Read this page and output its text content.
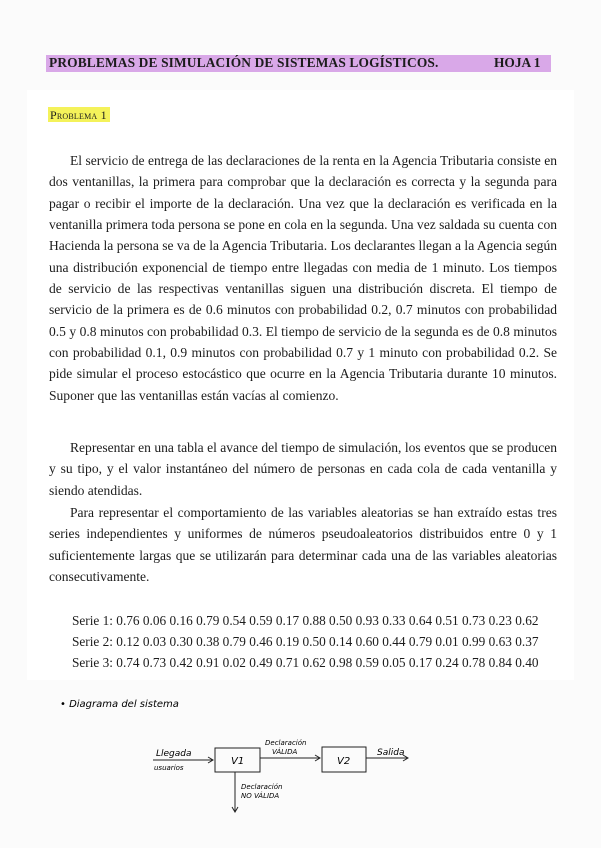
PROBLEMAS DE SIMULACIÓN DE SISTEMAS LOGÍSTICOS.	HOJA 1
Problema 1

El servicio de entrega de las declaraciones de la renta en la Agencia Tributaria consiste en dos ventanillas, la primera para comprobar que la declaración es correcta y la segunda para pagar o recibir el importe de la declaración. Una vez que la declaración es verificada en la ventanilla primera toda persona se pone en cola en la segunda. Una vez saldada su cuenta con Hacienda la persona se va de la Agencia Tributaria. Los declarantes llegan a la Agencia según una distribución exponencial de tiempo entre llegadas con media de 1 minuto. Los tiempos de servicio de las respectivas ventanillas siguen una distribución discreta. El tiempo de servicio de la primera es de 0.6 minutos con probabilidad 0.2, 0.7 minutos con probabilidad 0.5 y 0.8 minutos con probabilidad 0.3. El tiempo de servicio de la segunda es de 0.8 minutos con probabilidad 0.1, 0.9 minutos con probabilidad 0.7 y 1 minuto con probabilidad 0.2. Se pide simular el proceso estocástico que ocurre en la Agencia Tributaria durante 10 minutos. Suponer que las ventanillas están vacías al comienzo.

Representar en una tabla el avance del tiempo de simulación, los eventos que se producen y su tipo, y el valor instantáneo del número de personas en cada cola de cada ventanilla y siendo atendidas.

Para representar el comportamiento de las variables aleatorias se han extraído estas tres series independientes y uniformes de números pseudoaleatorios distribuidos entre 0 y 1 suficientemente largas que se utilizarán para determinar cada una de las variables aleatorias consecutivamente.

Serie 1: 0.76 0.06 0.16 0.79 0.54 0.59 0.17 0.88 0.50 0.93 0.33 0.64 0.51 0.73 0.23 0.62
Serie 2: 0.12 0.03 0.30 0.38 0.79 0.46 0.19 0.50 0.14 0.60 0.44 0.79 0.01 0.99 0.63 0.37
Serie 3: 0.74 0.73 0.42 0.91 0.02 0.49 0.71 0.62 0.98 0.59 0.05 0.17 0.24 0.78 0.84 0.40
• Diagrama del sistema
Llegada
usuarios
V1
Declaración
VÁLIDA
V2
Salida
Declaración
NO VÁLIDA
